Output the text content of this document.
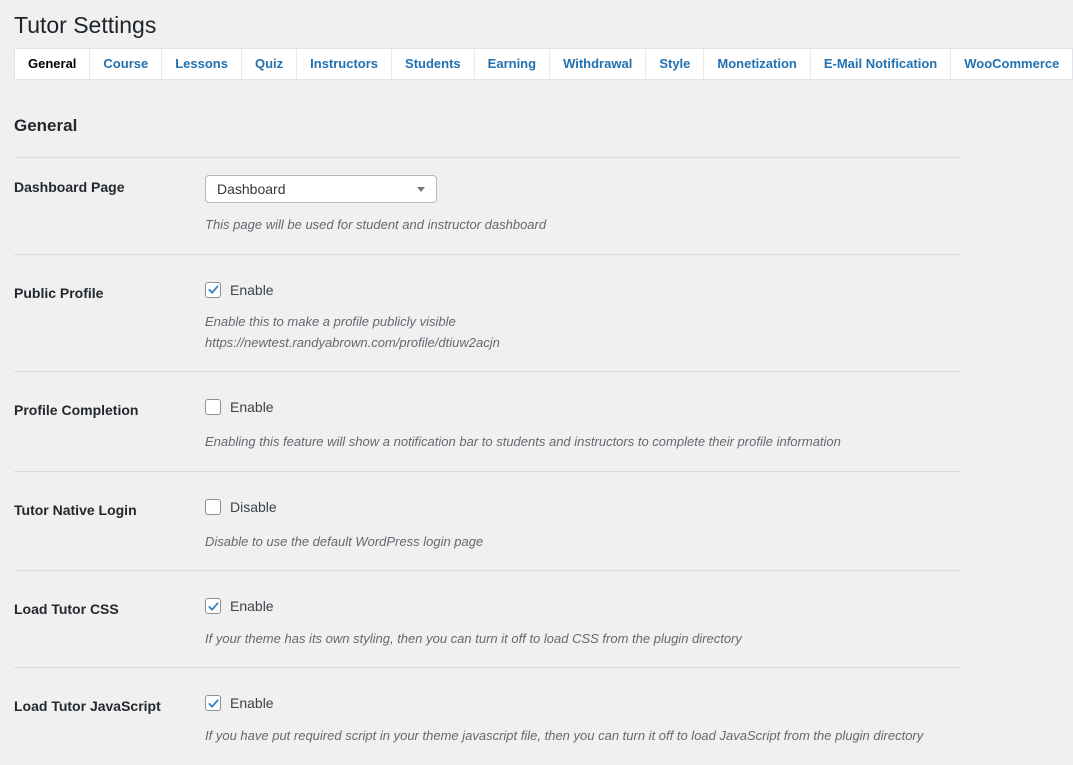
Tutor Settings
General	Course	Lessons	Quiz	Instructors	Students	Earning	Withdrawal	Style	Monetization	E-Mail Notification	WooCommerce
General
Dashboard Page	Dashboard

This page will be used for student and instructor dashboard

Public Profile	Enable

Enable this to make a profile publicly visible

https://newtest.randyabrown.com/profile/dtiuw2acjn

Profile Completion	Enable

Enabling this feature will show a notification bar to students and instructors to complete their profile information

Tutor Native Login	Disable

Disable to use the default WordPress login page

Load Tutor CSS	Enable

If your theme has its own styling, then you can turn it off to load CSS from the plugin directory

Load Tutor JavaScript	Enable

If you have put required script in your theme javascript file, then you can turn it off to load JavaScript from the plugin directory
